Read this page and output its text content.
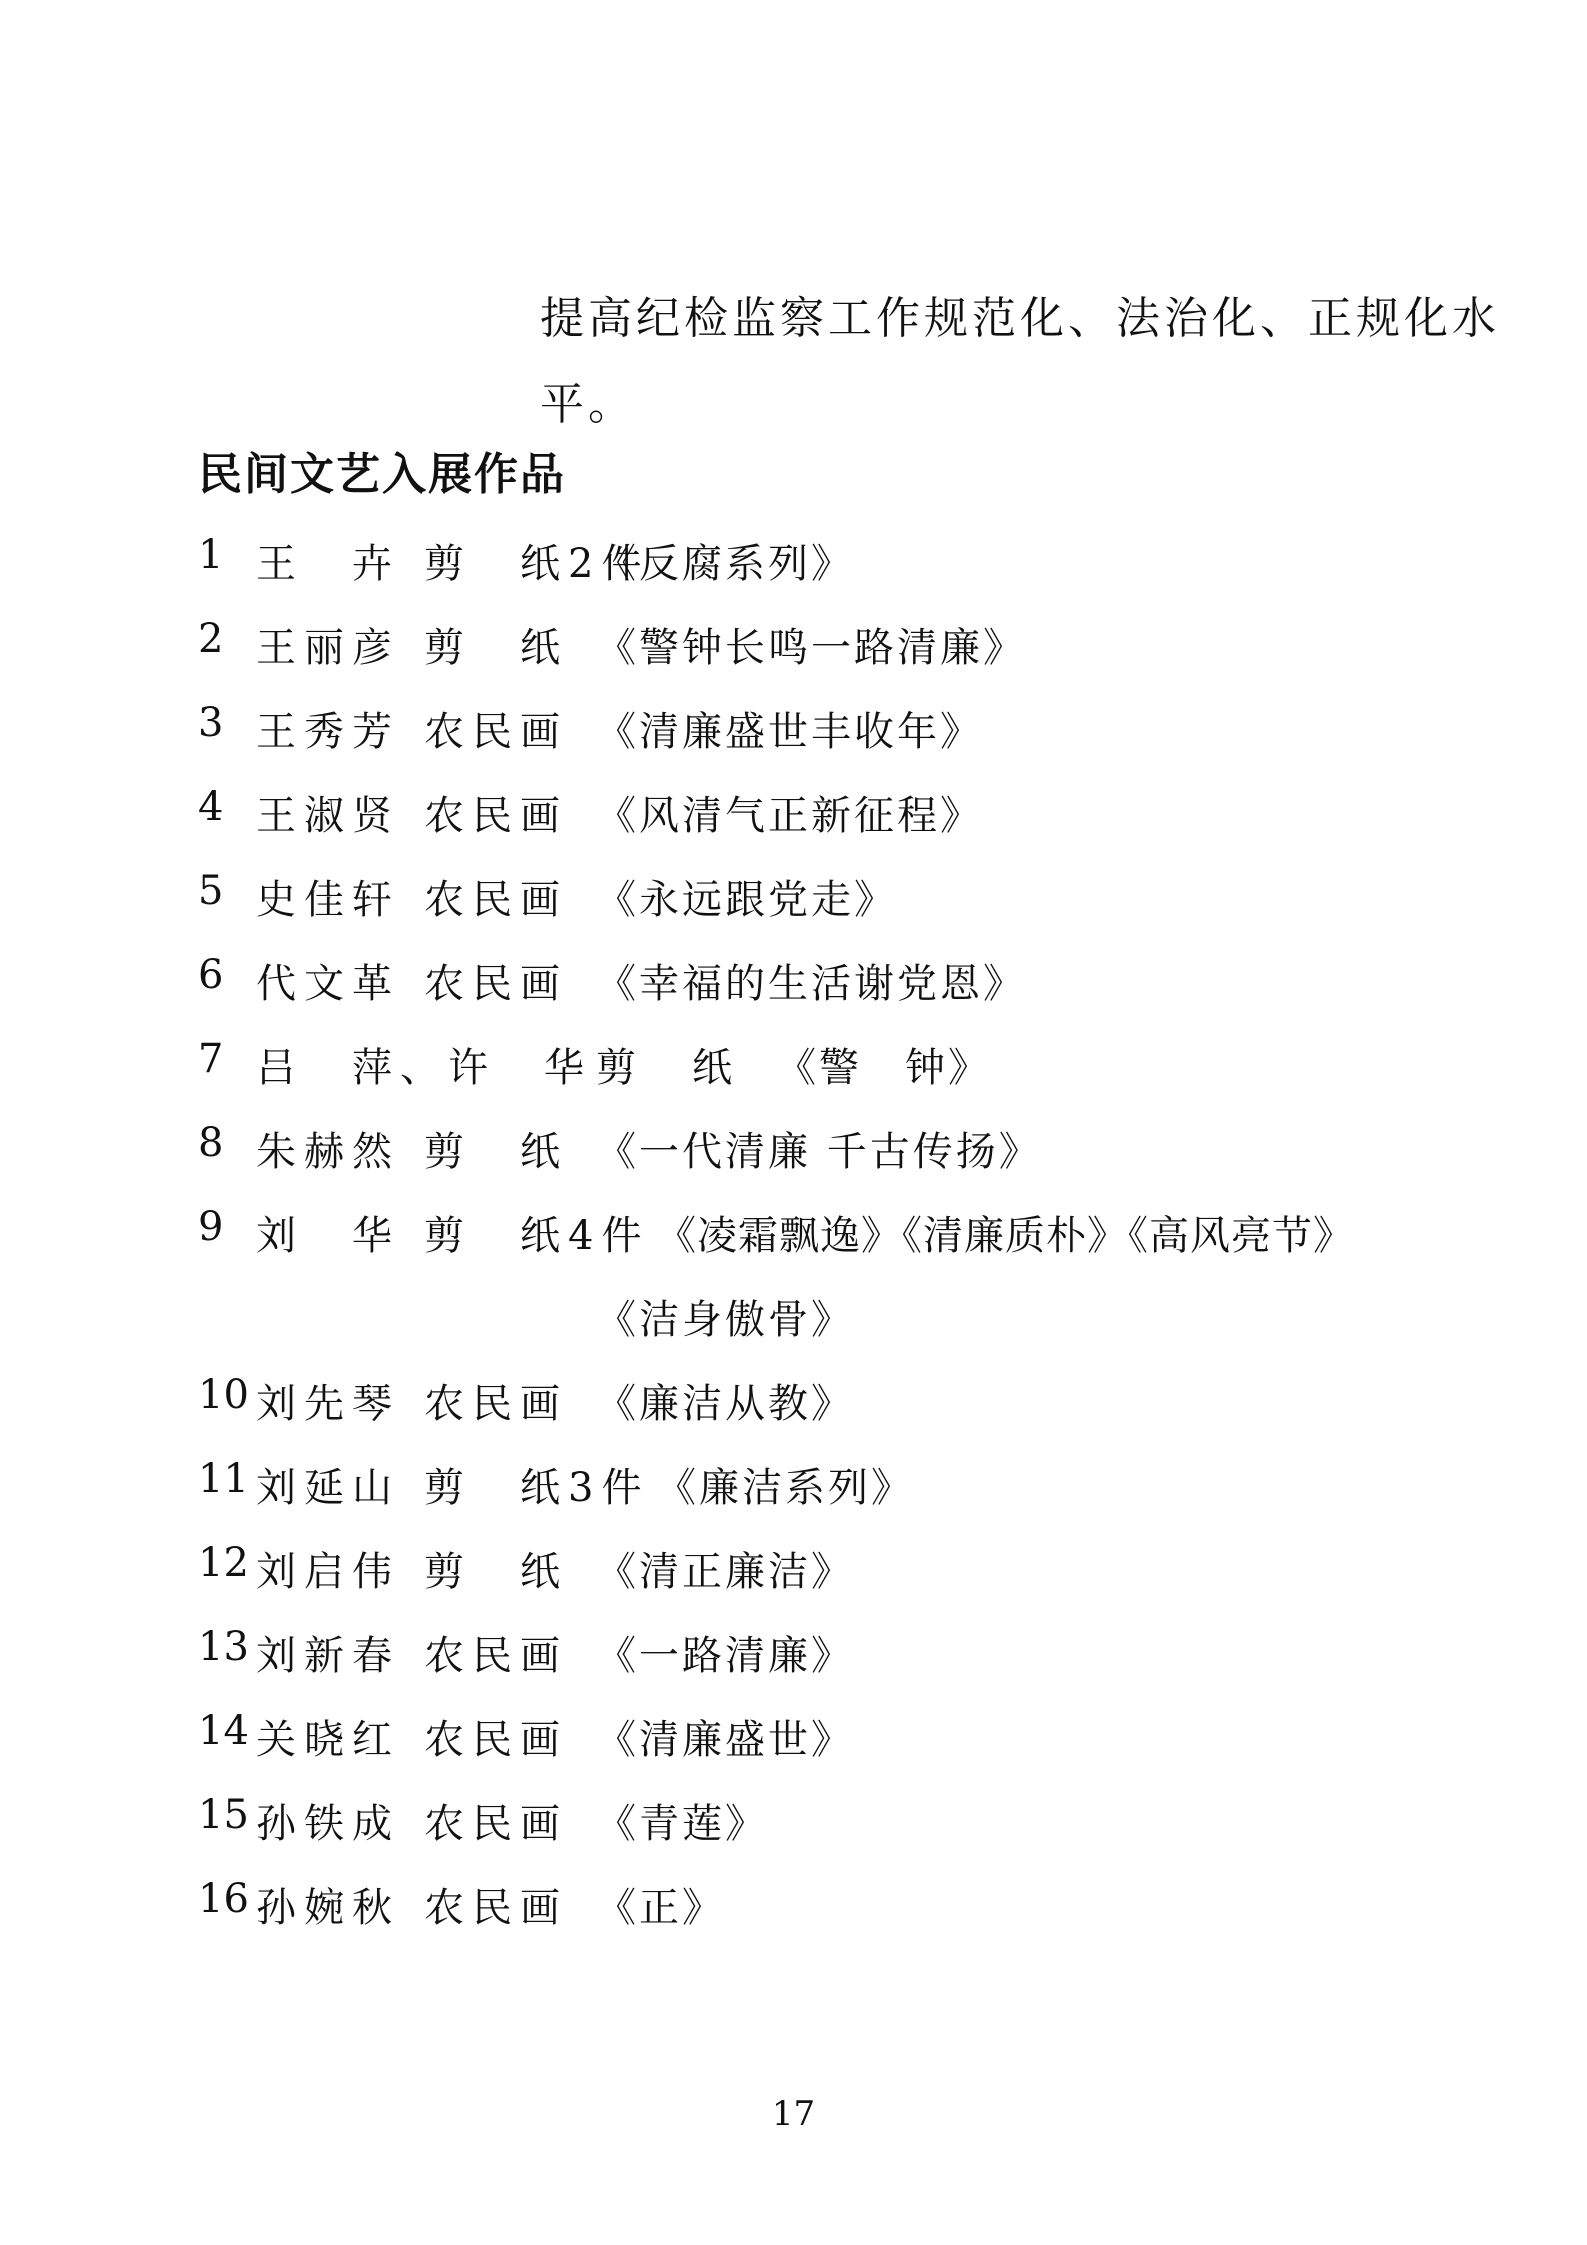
提高纪检监察工作规范化、法治化、正规化水
平。
民间文艺入展作品
1 王　卉 剪　纸2件
《反腐系列》
2 王丽彦 剪　纸 《警钟长鸣一路清廉》
3 王秀芳 农民画 《清廉盛世丰收年》
4 王淑贤 农民画 《风清气正新征程》
5 史佳轩 农民画 《永远跟党走》
6 代文革 农民画 《幸福的生活谢党恩》
7 吕　萍、许　华 剪　纸 《警　钟》
8 朱赫然 剪　纸 《一代清廉 千古传扬》
9 刘　华 剪　纸4件 《凌霜飘逸》《清廉质朴》《高风亮节》
《洁身傲骨》
10 刘先琴 农民画 《廉洁从教》
11 刘延山 剪　纸3件 《廉洁系列》
12 刘启伟 剪　纸 《清正廉洁》
13 刘新春 农民画 《一路清廉》
14 关晓红 农民画 《清廉盛世》
15 孙铁成 农民画 《青莲》
16 孙婉秋 农民画 《正》
17
